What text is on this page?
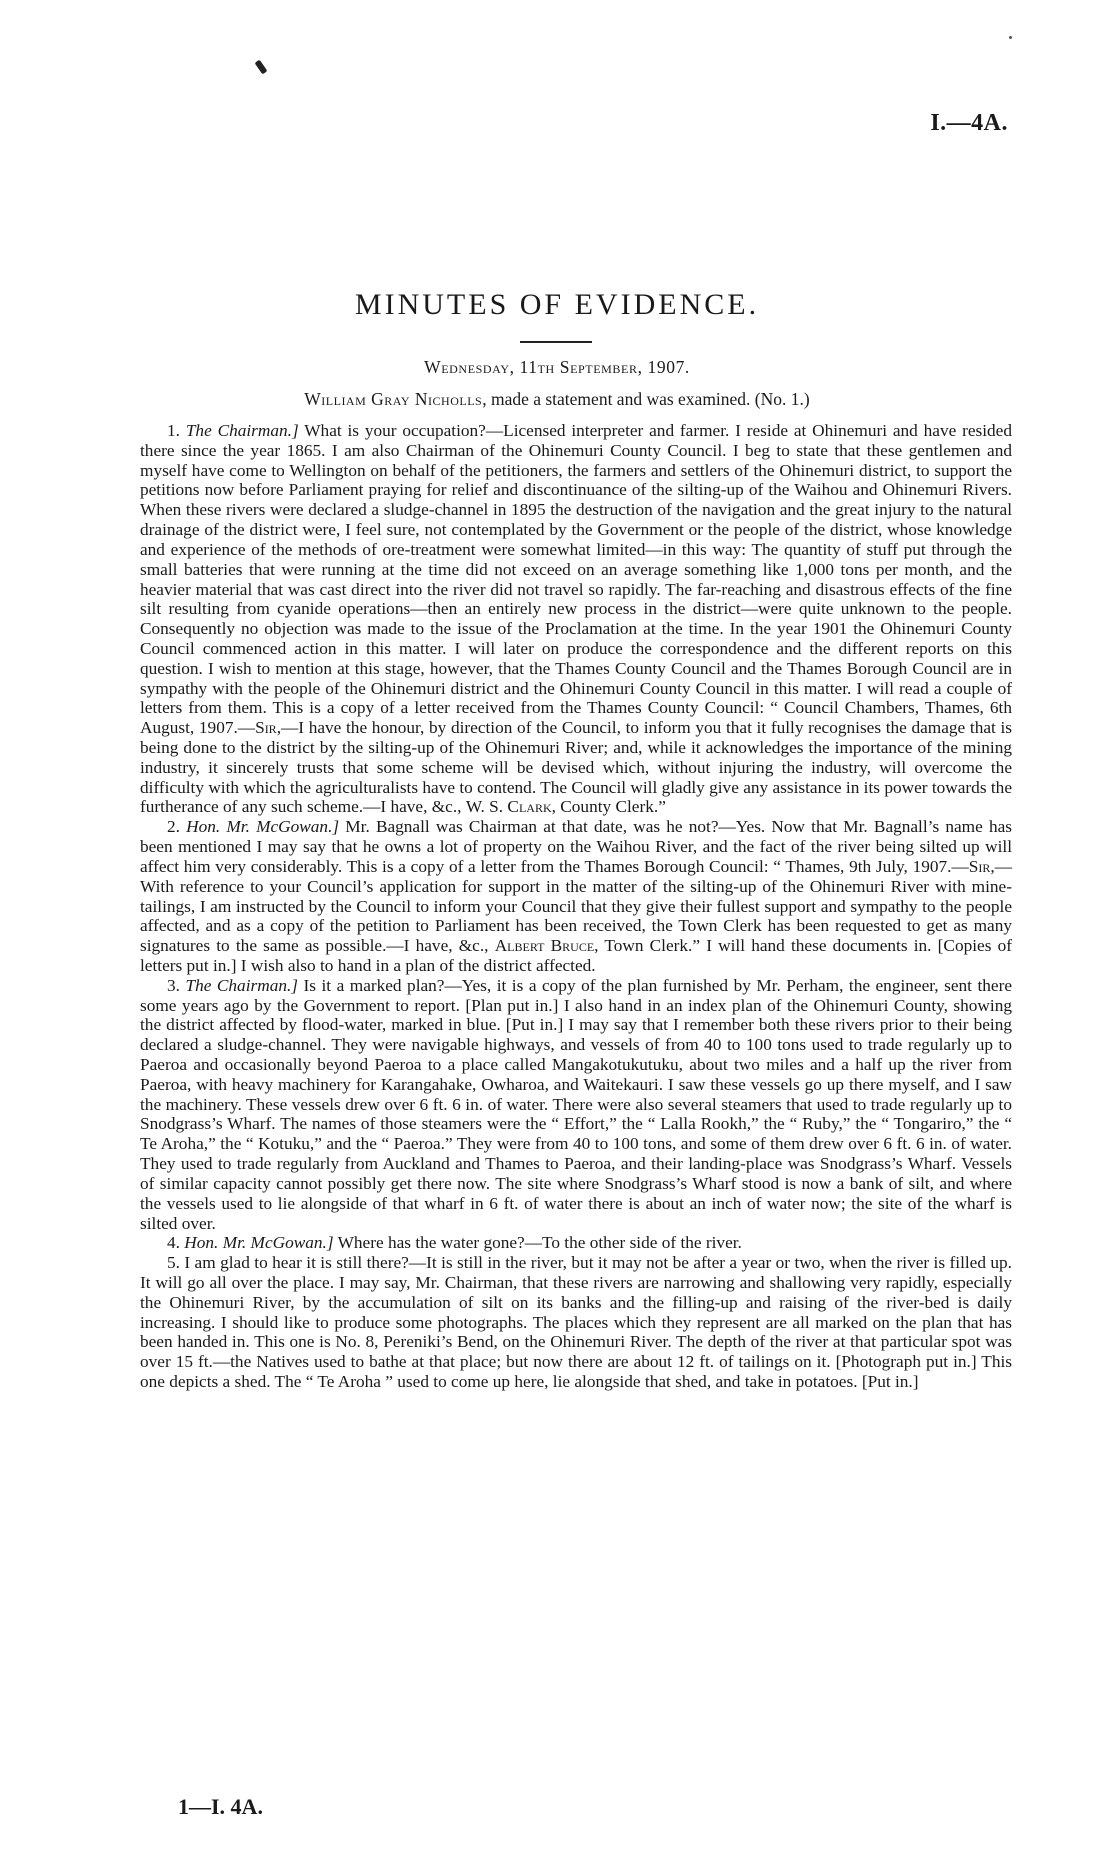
I.—4A.
MINUTES OF EVIDENCE.
Wednesday, 11th September, 1907.
William Gray Nicholls, made a statement and was examined. (No. 1.)

1. The Chairman.] What is your occupation?—Licensed interpreter and farmer. I reside at Ohinemuri and have resided there since the year 1865. I am also Chairman of the Ohinemuri County Council. I beg to state that these gentlemen and myself have come to Wellington on behalf of the petitioners, the farmers and settlers of the Ohinemuri district, to support the petitions now before Parliament praying for relief and discontinuance of the silting-up of the Waihou and Ohinemuri Rivers. When these rivers were declared a sludge-channel in 1895 the destruction of the navigation and the great injury to the natural drainage of the district were, I feel sure, not contemplated by the Government or the people of the district, whose knowledge and experience of the methods of ore-treatment were somewhat limited—in this way: The quantity of stuff put through the small batteries that were running at the time did not exceed on an average something like 1,000 tons per month, and the heavier material that was cast direct into the river did not travel so rapidly. The far-reaching and disastrous effects of the fine silt resulting from cyanide operations—then an entirely new process in the district—were quite unknown to the people. Consequently no objection was made to the issue of the Proclamation at the time. In the year 1901 the Ohinemuri County Council commenced action in this matter. I will later on produce the correspondence and the different reports on this question. I wish to mention at this stage, however, that the Thames County Council and the Thames Borough Council are in sympathy with the people of the Ohinemuri district and the Ohinemuri County Council in this matter. I will read a couple of letters from them. This is a copy of a letter received from the Thames County Council: “ Council Chambers, Thames, 6th August, 1907.—Sir,—I have the honour, by direction of the Council, to inform you that it fully recognises the damage that is being done to the district by the silting-up of the Ohinemuri River; and, while it acknowledges the importance of the mining industry, it sincerely trusts that some scheme will be devised which, without injuring the industry, will overcome the difficulty with which the agriculturalists have to contend. The Council will gladly give any assistance in its power towards the furtherance of any such scheme.—I have, &c., W. S. Clark, County Clerk.”

2. Hon. Mr. McGowan.] Mr. Bagnall was Chairman at that date, was he not?—Yes. Now that Mr. Bagnall’s name has been mentioned I may say that he owns a lot of property on the Waihou River, and the fact of the river being silted up will affect him very considerably. This is a copy of a letter from the Thames Borough Council: “ Thames, 9th July, 1907.—Sir,—With reference to your Council’s application for support in the matter of the silting-up of the Ohinemuri River with mine-tailings, I am instructed by the Council to inform your Council that they give their fullest support and sympathy to the people affected, and as a copy of the petition to Parliament has been received, the Town Clerk has been requested to get as many signatures to the same as possible.—I have, &c., Albert Bruce, Town Clerk.” I will hand these documents in. [Copies of letters put in.] I wish also to hand in a plan of the district affected.

3. The Chairman.] Is it a marked plan?—Yes, it is a copy of the plan furnished by Mr. Perham, the engineer, sent there some years ago by the Government to report. [Plan put in.] I also hand in an index plan of the Ohinemuri County, showing the district affected by flood-water, marked in blue. [Put in.] I may say that I remember both these rivers prior to their being declared a sludge-channel. They were navigable highways, and vessels of from 40 to 100 tons used to trade regularly up to Paeroa and occasionally beyond Paeroa to a place called Mangakotukutuku, about two miles and a half up the river from Paeroa, with heavy machinery for Karangahake, Owharoa, and Waitekauri. I saw these vessels go up there myself, and I saw the machinery. These vessels drew over 6 ft. 6 in. of water. There were also several steamers that used to trade regularly up to Snodgrass’s Wharf. The names of those steamers were the “ Effort,” the “ Lalla Rookh,” the “ Ruby,” the “ Tongariro,” the “ Te Aroha,” the “ Kotuku,” and the “ Paeroa.” They were from 40 to 100 tons, and some of them drew over 6 ft. 6 in. of water. They used to trade regularly from Auckland and Thames to Paeroa, and their landing-place was Snodgrass’s Wharf. Vessels of similar capacity cannot possibly get there now. The site where Snodgrass’s Wharf stood is now a bank of silt, and where the vessels used to lie alongside of that wharf in 6 ft. of water there is about an inch of water now; the site of the wharf is silted over.

4. Hon. Mr. McGowan.] Where has the water gone?—To the other side of the river.

5. I am glad to hear it is still there?—It is still in the river, but it may not be after a year or two, when the river is filled up. It will go all over the place. I may say, Mr. Chairman, that these rivers are narrowing and shallowing very rapidly, especially the Ohinemuri River, by the accumulation of silt on its banks and the filling-up and raising of the river-bed is daily increasing. I should like to produce some photographs. The places which they represent are all marked on the plan that has been handed in. This one is No. 8, Pereniki’s Bend, on the Ohinemuri River. The depth of the river at that particular spot was over 15 ft.—the Natives used to bathe at that place; but now there are about 12 ft. of tailings on it. [Photograph put in.] This one depicts a shed. The “ Te Aroha ” used to come up here, lie alongside that shed, and take in potatoes. [Put in.]

1—I. 4A.
